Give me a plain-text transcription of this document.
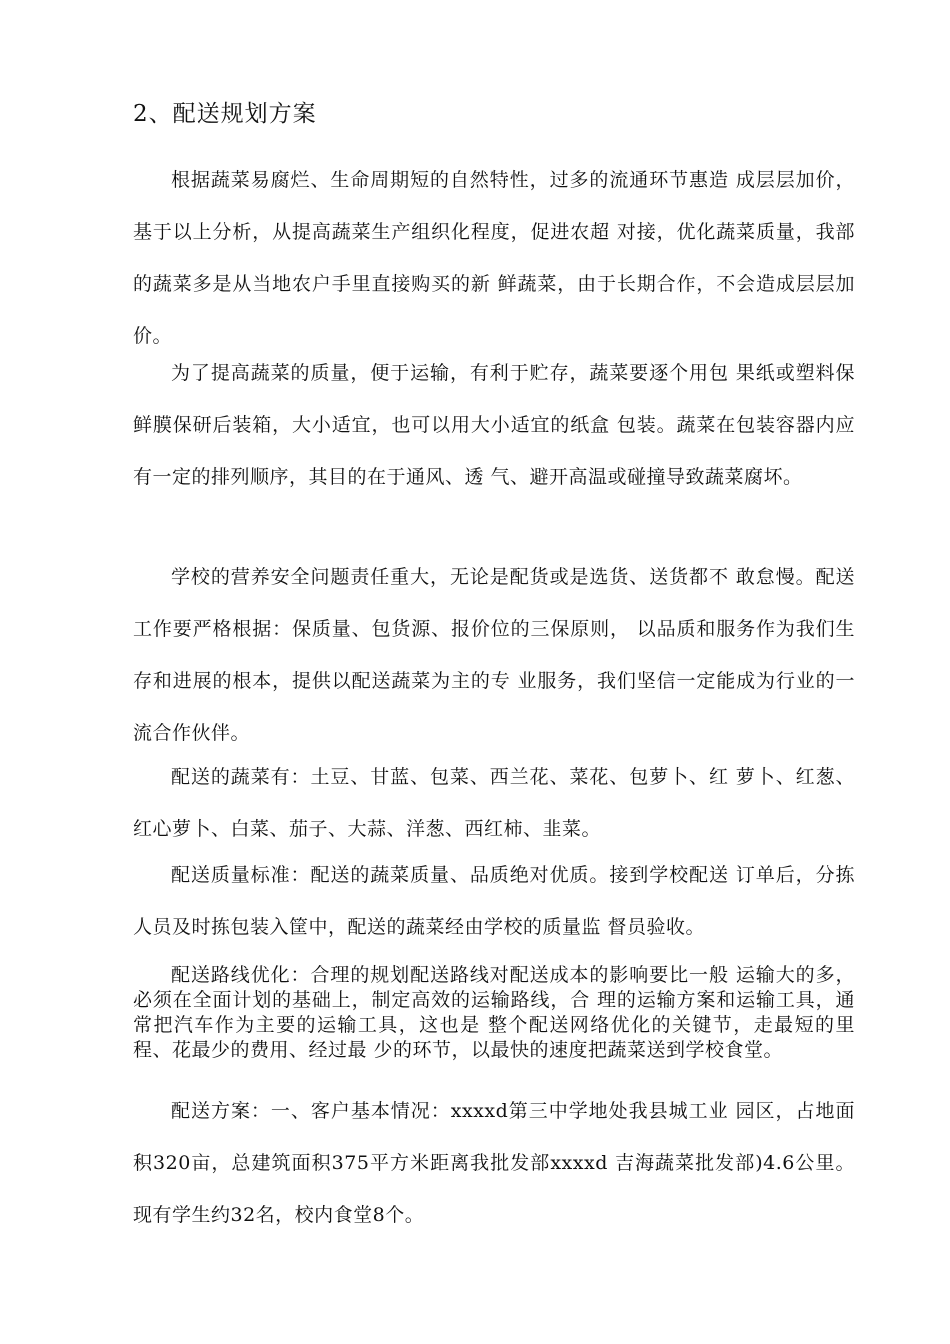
2、配送规划方案

根据蔬菜易腐烂、生命周期短的自然特性，过多的流通环节惠造 成层层加价，基于以上分析，从提高蔬菜生产组织化程度，促进农超 对接，优化蔬菜质量，我部的蔬菜多是从当地农户手里直接购买的新 鲜蔬菜，由于长期合作，不会造成层层加价。

为了提高蔬菜的质量，便于运输，有利于贮存，蔬菜要逐个用包 果纸或塑料保鲜膜保研后装箱，大小适宜，也可以用大小适宜的纸盒 包装。蔬菜在包装容器内应有一定的排列顺序，其目的在于通风、透 气、避开高温或碰撞导致蔬菜腐坏。

学校的营养安全问题责任重大，无论是配货或是选货、送货都不 敢怠慢。配送工作要严格根据：保质量、包货源、报价位的三保原则， 以品质和服务作为我们生存和进展的根本，提供以配送蔬菜为主的专 业服务，我们坚信一定能成为行业的一流合作伙伴。

配送的蔬菜有：土豆、甘蓝、包菜、西兰花、菜花、包萝卜、红 萝卜、红葱、红心萝卜、白菜、茄子、大蒜、洋葱、西红柿、韭菜。

配送质量标准：配送的蔬菜质量、品质绝对优质。接到学校配送 订单后，分拣人员及时拣包装入筐中，配送的蔬菜经由学校的质量监 督员验收。

配送路线优化：合理的规划配送路线对配送成本的影响要比一般 运输大的多，必须在全面计划的基础上，制定高效的运输路线，合 理的运输方案和运输工具，通常把汽车作为主要的运输工具，这也是 整个配送网络优化的关键节，走最短的里程、花最少的费用、经过最 少的环节，以最快的速度把蔬菜送到学校食堂。

配送方案：一、客户基本情况：xxxxd第三中学地处我县城工业 园区，占地面积320亩，总建筑面积375平方米距离我批发部xxxxd 吉海蔬菜批发部)4.6公里。现有学生约32名，校内食堂8个。
